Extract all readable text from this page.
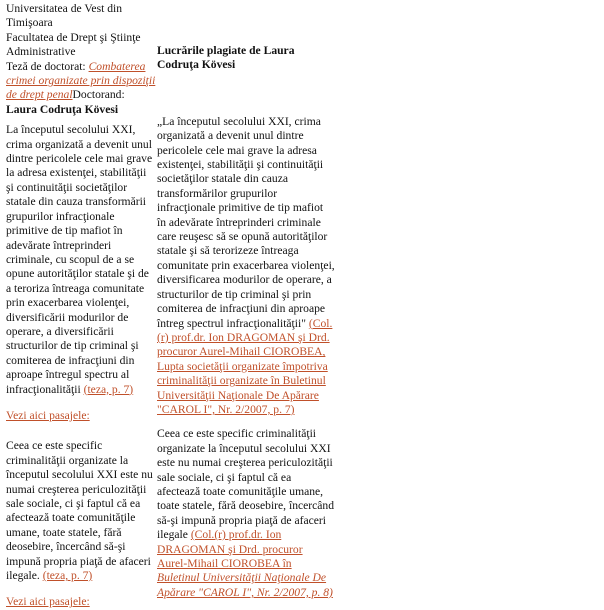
Universitatea de Vest din Timişoara

Facultatea de Drept şi Ştiinţe Administrative

Teză de doctorat: Combaterea crimei organizate prin dispoziţii de drept penalDoctorand: Laura Codruţa Kövesi

La începutul secolului XXI, crima organizată a devenit unul dintre pericolele cele mai grave la adresa existenţei, stabilităţii şi continuităţii societăţilor statale din cauza transformării grupurilor infracţionale primitive de tip mafiot în adevărate întreprinderi criminale, cu scopul de a se opune autorităţilor statale şi de a teroriza întreaga comunitate prin exacerbarea violenţei, diversificării modurilor de operare, a diversificării structurilor de tip criminal şi comiterea de infracţiuni din aproape întregul spectru al infracţionalităţii (teza, p. 7)
Vezi aici pasajele:
Ceea ce este specific criminalităţii organizate la începutul secolului XXI este nu numai creşterea periculozităţii sale sociale, ci şi faptul că ea afectează toate comunităţile umane, toate statele, fără deosebire, încercând să-şi impună propria piaţă de afaceri ilegale. (teza, p. 7)
Vezi aici pasajele:

Lucrările plagiate de Laura Codruţa Kövesi

„La începutul secolului XXI, crima organizată a devenit unul dintre pericolele cele mai grave la adresa existenţei, stabilităţii şi continuităţii societăţilor statale din cauza transformărilor grupurilor infracţionale primitive de tip mafiot în adevărate întreprinderi criminale care reuşesc să se opună autorităţilor statale şi să terorizeze întreaga comunitate prin exacerbarea violenţei, diversificarea modurilor de operare, a structurilor de tip criminal şi prin comiterea de infracţiuni din aproape întreg spectrul infracţionalităţii" (Col.(r) prof.dr. Ion DRAGOMAN şi Drd. procuror Aurel-Mihail CIOROBEA, Lupta societăţii organizate împotriva criminalităţii organizate în Buletinul Universităţii Naţionale De Apărare "CAROL I", Nr. 2/2007, p. 7)
Ceea ce este specific criminalităţii organizate la începutul secolului XXI este nu numai creşterea periculozităţii sale sociale, ci şi faptul că ea afectează toate comunităţile umane, toate statele, fără deosebire, încercând să-şi impună propria piaţă de afaceri ilegale (Col.(r) prof.dr. Ion DRAGOMAN şi Drd. procuror Aurel-Mihail CIOROBEA în Buletinul Universităţii Naţionale De Apărare "CAROL I", Nr. 2/2007, p. 8)
